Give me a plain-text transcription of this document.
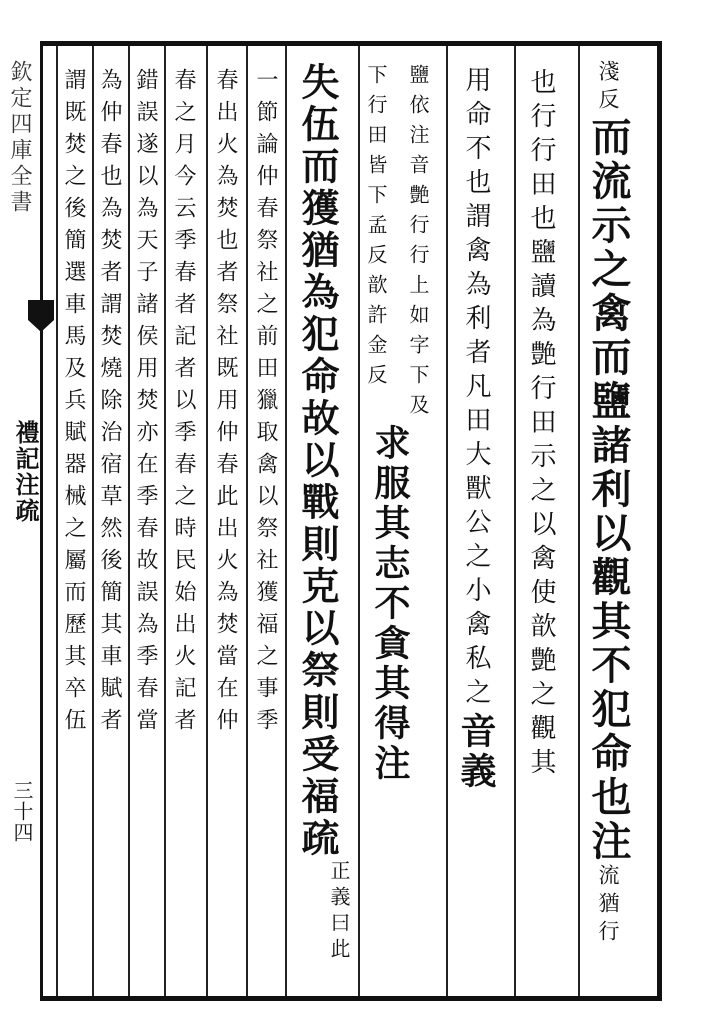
淺反而流示之禽而鹽諸利以觀其不犯命也注流猶行
也行行田也鹽讀為艶行田示之以禽使歆艶之觀其
用命不也謂禽為利者凡田大獸公之小禽私之音義
鹽依注音艶行行上如字下及求服其志不貪其得注
下行田皆下孟反歆許金反
失伍而獲猶為犯命故以戰則克以祭則受福疏正義曰此
一節論仲春祭社之前田獵取禽以祭社獲福之事季
春出火為焚也者祭社既用仲春此出火為焚當在仲
春之月今云季春者記者以季春之時民始出火記者
錯誤遂以為天子諸侯用焚亦在季春故誤為季春當
為仲春也為焚者謂焚燒除治宿草然後簡其車賦者
謂既焚之後簡選車馬及兵賦器械之屬而歷其卒伍
欽定四庫全書
禮記注疏
三十四
